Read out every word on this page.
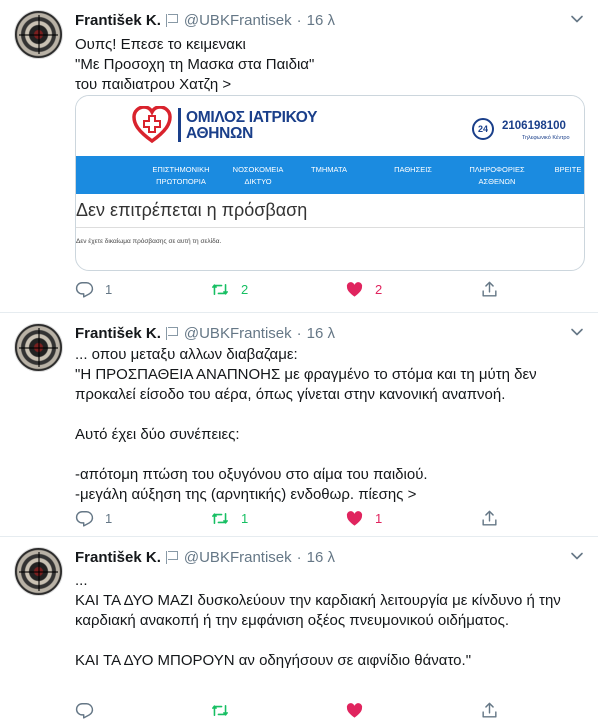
František K. @UBKFrantisek · 16 λ
Ουπς! Επεσε το κειμενακι
"Με Προσοχη τη Μασκα στα Παιδια"
του παιδιατρου Χατζη >
ΟΜΙΛΟΣ ΙΑΤΡΙΚΟΥ
ΑΘΗΝΩΝ	24	2106198100
Τηλεφωνικό Κέντρο
ΕΠΙΣΤΗΜΟΝΙΚΗ
ΠΡΩΤΟΠΟΡΙΑ
ΝΟΣΟΚΟΜΕΙΑ
ΔΙΚΤΥΟ
ΤΜΗΜΑΤΑ	ΠΑΘΗΣΕΙΣ	ΠΛΗΡΟΦΟΡΙΕΣ
ΑΣΘΕΝΩΝ
ΒΡΕΙΤΕ
Δεν επιτρέπεται η πρόσβαση
Δεν έχετε δικαίωμα πρόσβασης σε αυτή τη σελίδα.
1	2	2
František K. @UBKFrantisek · 16 λ
... οπου μεταξυ αλλων διαβαζαμε:
"Η ΠΡΟΣΠΑΘΕΙΑ ΑΝΑΠΝΟΗΣ με φραγμένο το στόμα και τη μύτη δεν προκαλεί είσοδο του αέρα, όπως γίνεται στην κανονική αναπνοή.

Αυτό έχει δύο συνέπειες:

-απότομη πτώση του οξυγόνου στο αίμα του παιδιού.
-μεγάλη αύξηση της (αρνητικής) ενδοθωρ. πίεσης >
1	1	1
František K. @UBKFrantisek · 16 λ
...
ΚΑΙ ΤΑ ΔΥΟ ΜΑΖΙ δυσκολεύουν την καρδιακή λειτουργία με κίνδυνο ή την καρδιακή ανακοπή ή την εμφάνιση οξέος πνευμονικού οιδήματος.

ΚΑΙ ΤΑ ΔΥΟ ΜΠΟΡΟΥΝ αν οδηγήσουν σε αιφνίδιο θάνατο."
